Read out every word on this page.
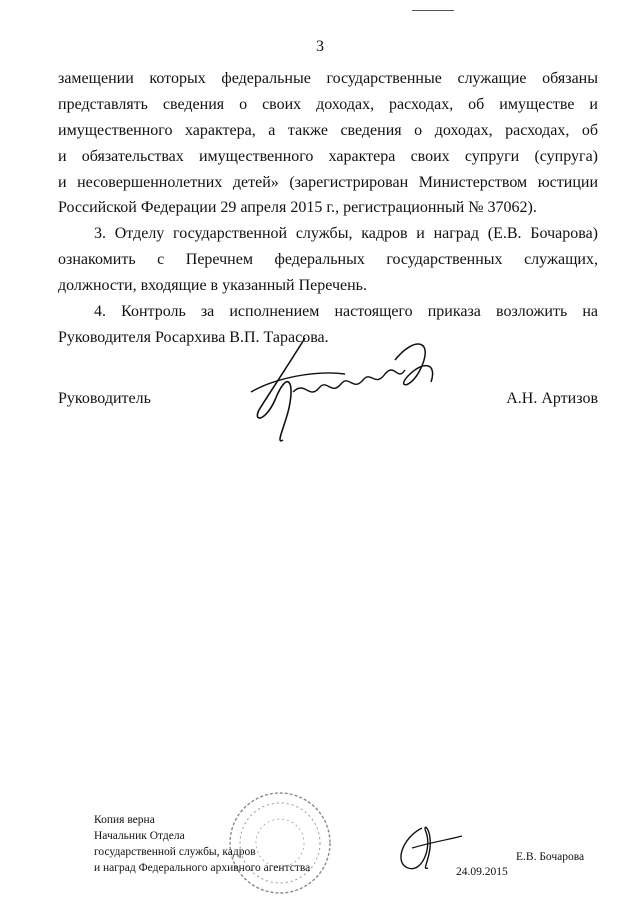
3
замещении которых федеральные государственные служащие обязаны
представлять сведения о своих доходах, расходах, об имуществе и
имущественного характера, а также сведения о доходах, расходах, об
и обязательствах имущественного характера своих супруги (супруга)
и несовершеннолетних детей» (зарегистрирован Министерством юстиции
Российской Федерации 29 апреля 2015 г., регистрационный № 37062).
3. Отделу государственной службы, кадров и наград (Е.В. Бочарова)
ознакомить с Перечнем федеральных государственных служащих,
должности, входящие в указанный Перечень.
4. Контроль за исполнением настоящего приказа возложить на
Руководителя Росархива В.П. Тарасова.
Руководитель	А.Н. Артизов
Копия верна
Начальник Отдела
государственной службы, кадров
и наград Федерального архивного агентства
Е.В. Бочарова
24.09.2015
